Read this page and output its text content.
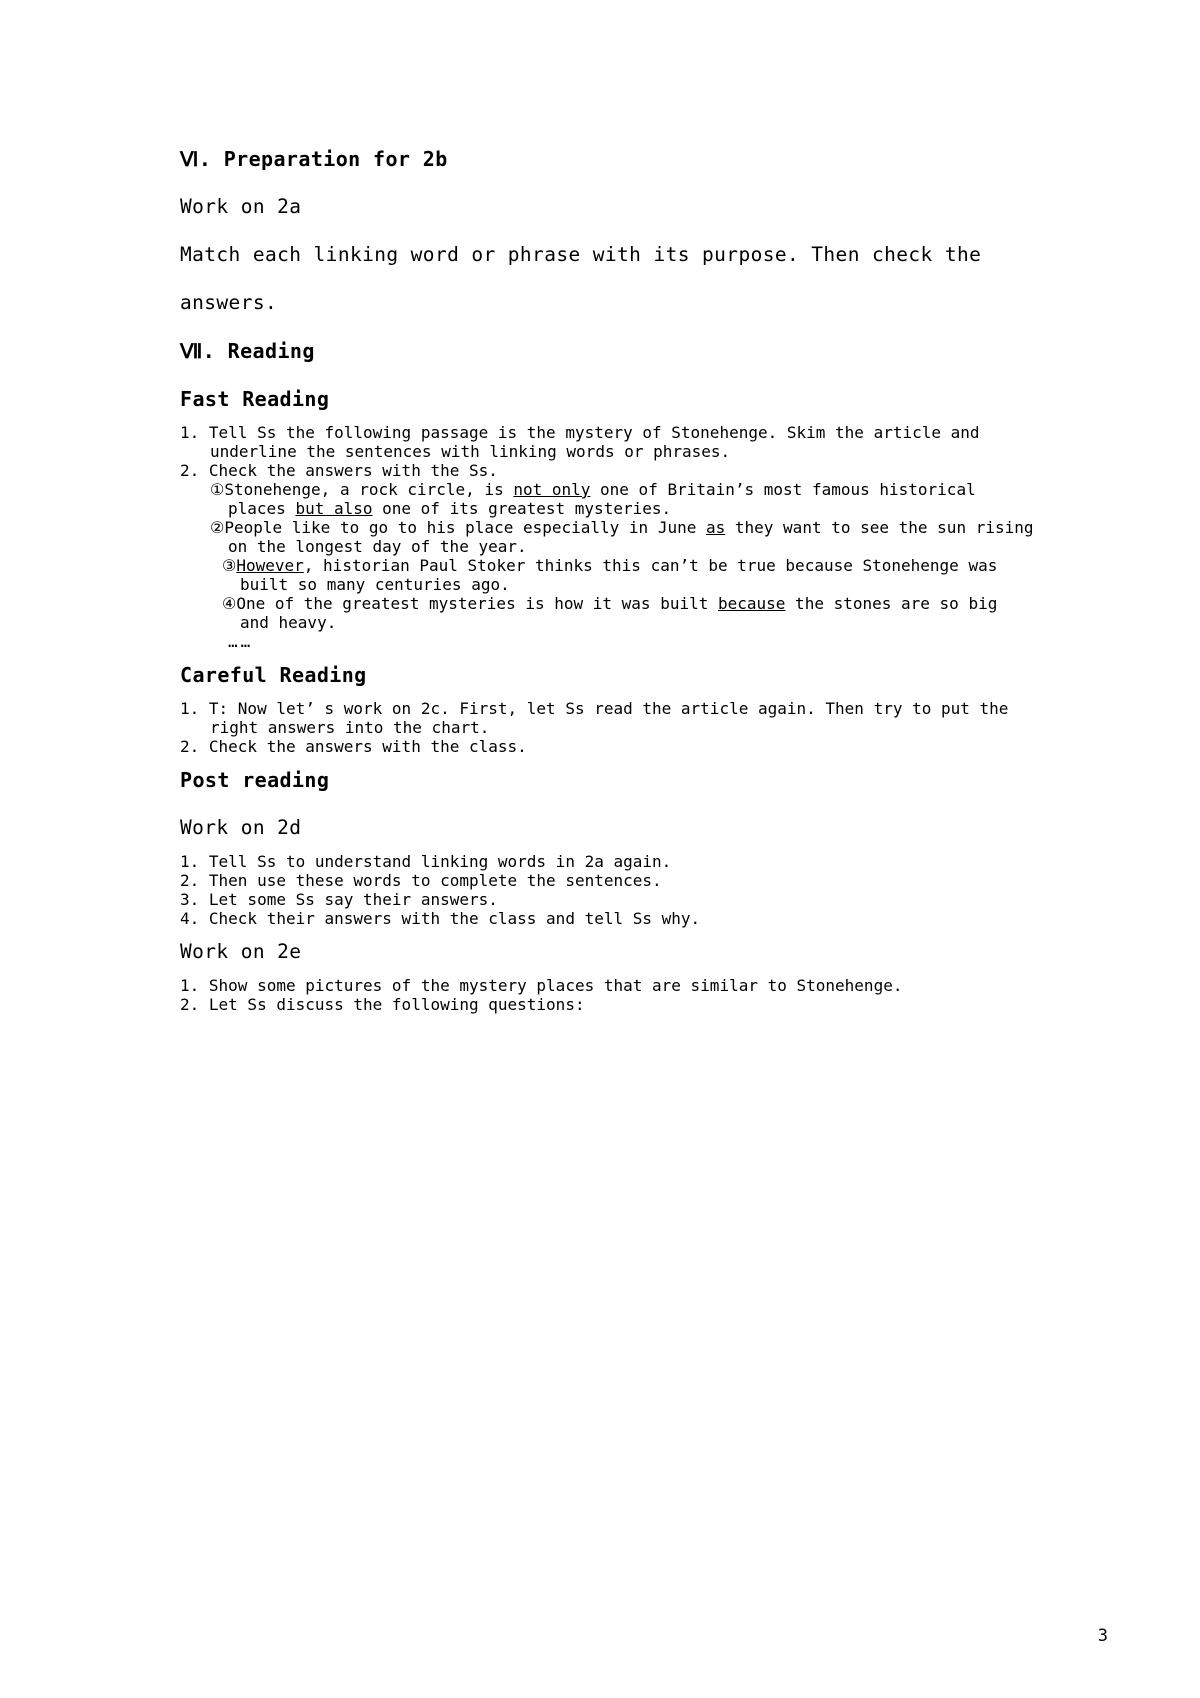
Ⅵ. Preparation for 2b
Work on 2a
Match each linking word or phrase with its purpose. Then check the answers.
Ⅶ. Reading
Fast Reading
1. Tell Ss the following passage is the mystery of Stonehenge. Skim the article and underline the sentences with linking words or phrases.
2. Check the answers with the Ss.
①Stonehenge, a rock circle, is not only one of Britain’s most famous historical places but also one of its greatest mysteries.
②People like to go to his place especially in June as they want to see the sun rising on the longest day of the year.
③However, historian Paul Stoker thinks this can’t be true because Stonehenge was built so many centuries ago.
④One of the greatest mysteries is how it was built because the stones are so big and heavy.
……
Careful Reading
1. T: Now let’ s work on 2c. First, let Ss read the article again. Then try to put the right answers into the chart.
2. Check the answers with the class.
Post reading
Work on 2d
1. Tell Ss to understand linking words in 2a again.
2. Then use these words to complete the sentences.
3. Let some Ss say their answers.
4. Check their answers with the class and tell Ss why.
Work on 2e
1. Show some pictures of the mystery places that are similar to Stonehenge.
2. Let Ss discuss the following questions:
3
